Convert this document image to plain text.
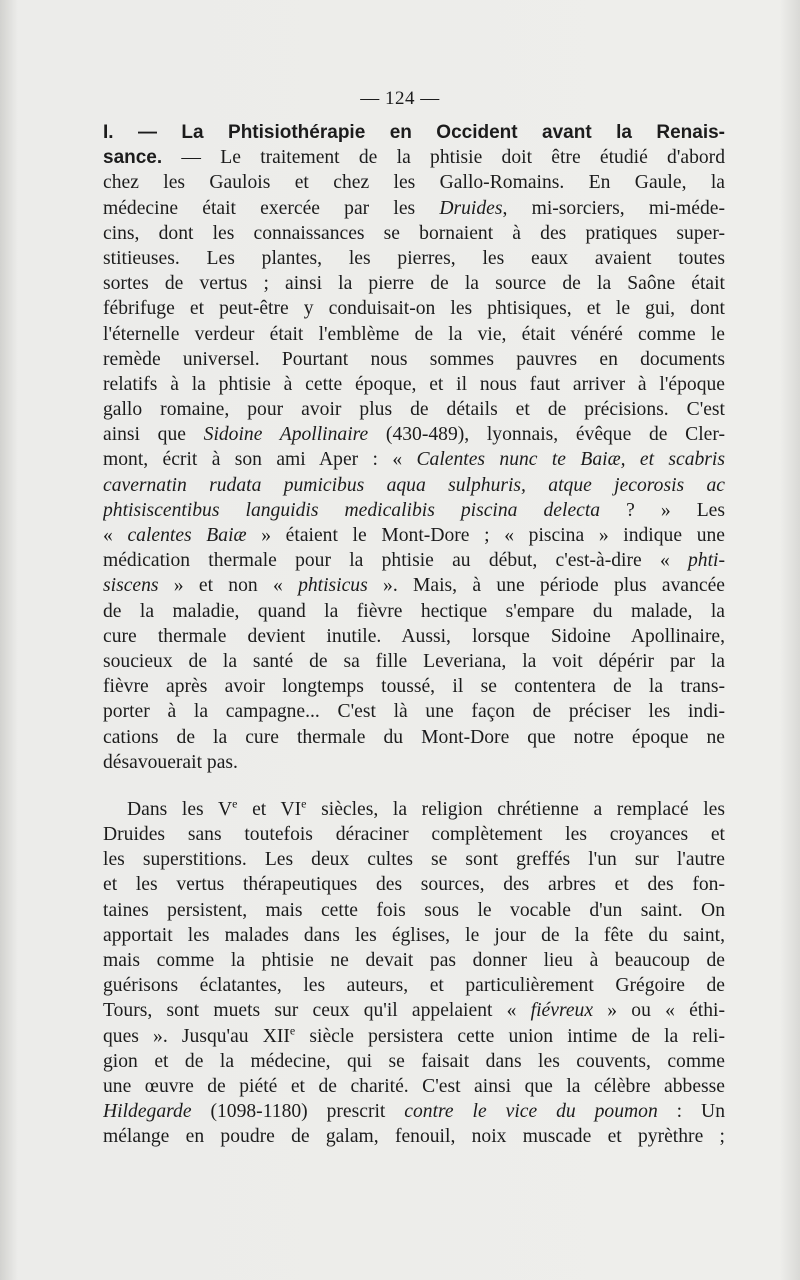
— 124 —
I. — La Phtisiothérapie en Occident avant la Renais-
sance. — Le traitement de la phtisie doit être étudié d'abord
chez les Gaulois et chez les Gallo-Romains. En Gaule, la
médecine était exercée par les Druides, mi-sorciers, mi-méde-
cins, dont les connaissances se bornaient à des pratiques super-
stitieuses. Les plantes, les pierres, les eaux avaient toutes
sortes de vertus ; ainsi la pierre de la source de la Saône était
fébrifuge et peut-être y conduisait-on les phtisiques, et le gui, dont
l'éternelle verdeur était l'emblème de la vie, était vénéré comme le
remède universel. Pourtant nous sommes pauvres en documents
relatifs à la phtisie à cette époque, et il nous faut arriver à l'époque
gallo romaine, pour avoir plus de détails et de précisions. C'est
ainsi que Sidoine Apollinaire (430-489), lyonnais, évêque de Cler-
mont, écrit à son ami Aper : « Calentes nunc te Baiæ, et scabris
cavernatin rudata pumicibus aqua sulphuris, atque jecorosis ac
phtisiscentibus languidis medicalibis piscina delecta ? » Les
« calentes Baiæ » étaient le Mont-Dore ; « piscina » indique une
médication thermale pour la phtisie au début, c'est-à-dire « phti-
siscens » et non « phtisicus ». Mais, à une période plus avancée
de la maladie, quand la fièvre hectique s'empare du malade, la
cure thermale devient inutile. Aussi, lorsque Sidoine Apollinaire,
soucieux de la santé de sa fille Leveriana, la voit dépérir par la
fièvre après avoir longtemps toussé, il se contentera de la trans-
porter à la campagne... C'est là une façon de préciser les indi-
cations de la cure thermale du Mont-Dore que notre époque ne
désavouerait pas.
Dans les Ve et VIe siècles, la religion chrétienne a remplacé les
Druides sans toutefois déraciner complètement les croyances et
les superstitions. Les deux cultes se sont greffés l'un sur l'autre
et les vertus thérapeutiques des sources, des arbres et des fon-
taines persistent, mais cette fois sous le vocable d'un saint. On
apportait les malades dans les églises, le jour de la fête du saint,
mais comme la phtisie ne devait pas donner lieu à beaucoup de
guérisons éclatantes, les auteurs, et particulièrement Grégoire de
Tours, sont muets sur ceux qu'il appelaient « fiévreux » ou « éthi-
ques ». Jusqu'au XIIe siècle persistera cette union intime de la reli-
gion et de la médecine, qui se faisait dans les couvents, comme
une œuvre de piété et de charité. C'est ainsi que la célèbre abbesse
Hildegarde (1098-1180) prescrit contre le vice du poumon : Un
mélange en poudre de galam, fenouil, noix muscade et pyrèthre ;
